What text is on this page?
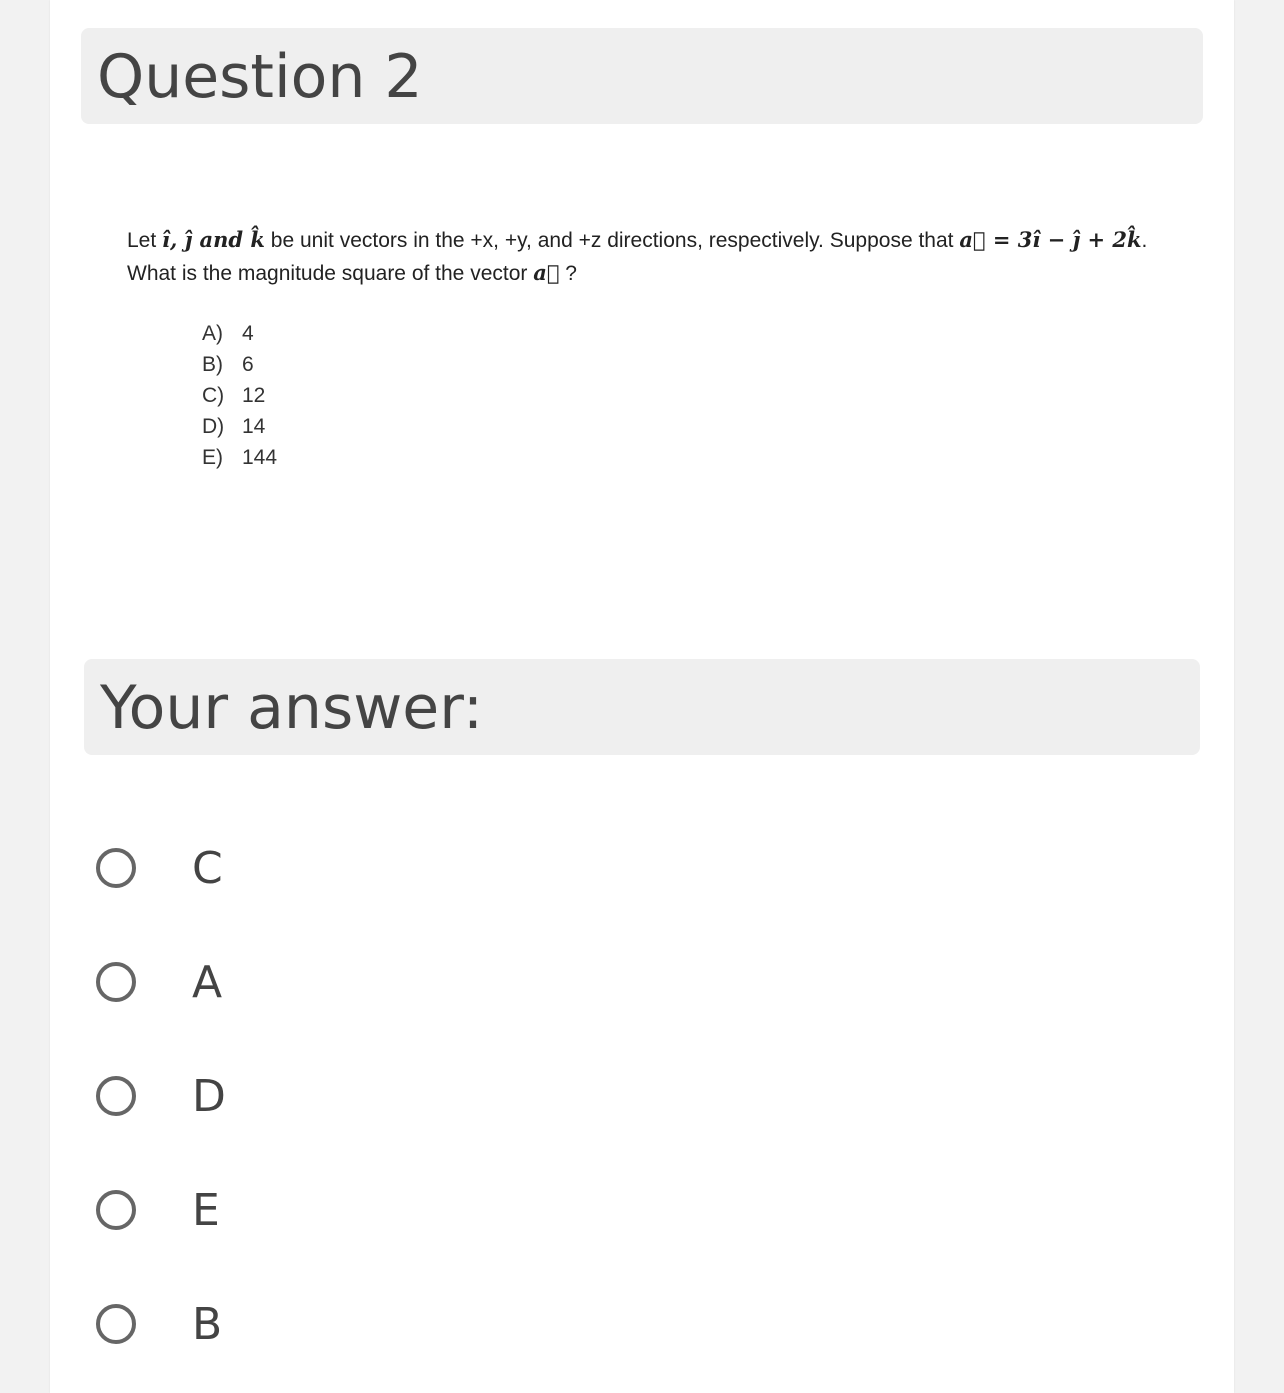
Question 2
Let î, ĵ and k̂ be unit vectors in the +x, +y, and +z directions, respectively. Suppose that a⃗ = 3î − ĵ + 2k̂. What is the magnitude square of the vector a⃗ ?
A) 4
B) 6
C) 12
D) 14
E) 144
Your answer:
C
A
D
E
B
